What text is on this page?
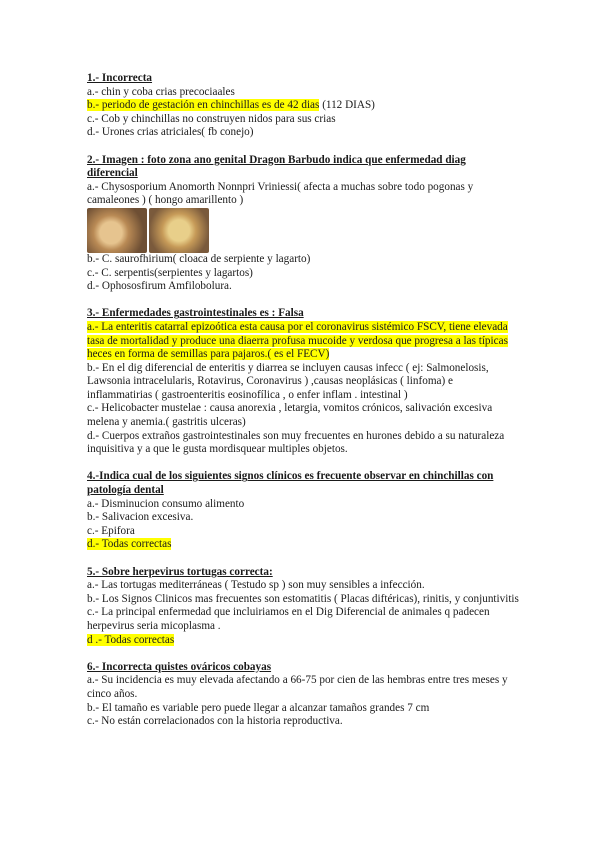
1.- Incorrecta

a.- chin y coba crias precociaales

b.- periodo de gestación en chinchillas es de 42 dias (112 DIAS)

c.- Cob y chinchillas no construyen nidos para sus crias

d.- Urones crias atriciales( fb conejo)

2.- Imagen : foto zona ano genital Dragon Barbudo indica que enfermedad diag diferencial

a.- Chysosporium Anomorth Nonnpri Vriniessi( afecta a muchas sobre todo pogonas y camaleones ) ( hongo amarillento )

b.- C. saurofhirium( cloaca de serpiente y lagarto)

c.- C. serpentis(serpientes y lagartos)

d.- Ophososfirum Amfilobolura.

3.- Enfermedades gastrointestinales es : Falsa

a.- La enteritis catarral epizoótica esta causa por el coronavirus sistémico FSCV, tiene elevada tasa de mortalidad y produce una diaerra profusa mucoide y verdosa que progresa a las típicas heces en forma de semillas para pajaros.( es el FECV)

b.- En el dig diferencial de enteritis y diarrea se incluyen causas infecc ( ej: Salmonelosis, Lawsonia intracelularis, Rotavirus, Coronavirus ) ,causas neoplásicas ( linfoma) e inflammatirias ( gastroenteritis eosinofílica , o enfer inflam . intestinal )

c.- Helicobacter mustelae : causa anorexia , letargia, vomitos crónicos, salivación excesiva melena y anemia.( gastritis ulceras)

d.- Cuerpos extraños gastrointestinales son muy frecuentes en hurones debido a su naturaleza inquisitiva y a que le gusta mordisquear multiples objetos.

4.-Indica cual de los siguientes signos clínicos es frecuente observar en chinchillas con patología dental

a.- Disminucion consumo alimento

b.- Salivacion excesiva.

c.- Epifora

d.- Todas correctas

5.- Sobre herpevirus tortugas correcta:

a.- Las tortugas mediterráneas ( Testudo sp ) son muy sensibles a infección.

b.- Los Signos Clinicos mas frecuentes son estomatitis ( Placas diftéricas), rinitis, y conjuntivitis

c.- La principal enfermedad que incluiriamos en el Dig Diferencial de animales q padecen herpevirus seria micoplasma .

d .- Todas correctas

6.- Incorrecta quistes ováricos cobayas

a.- Su incidencia es muy elevada afectando a 66-75 por cien de las hembras entre tres meses y cinco años.

b.- El tamaño es variable pero puede llegar a alcanzar tamaños grandes 7 cm

c.- No están correlacionados con la historia reproductiva.
